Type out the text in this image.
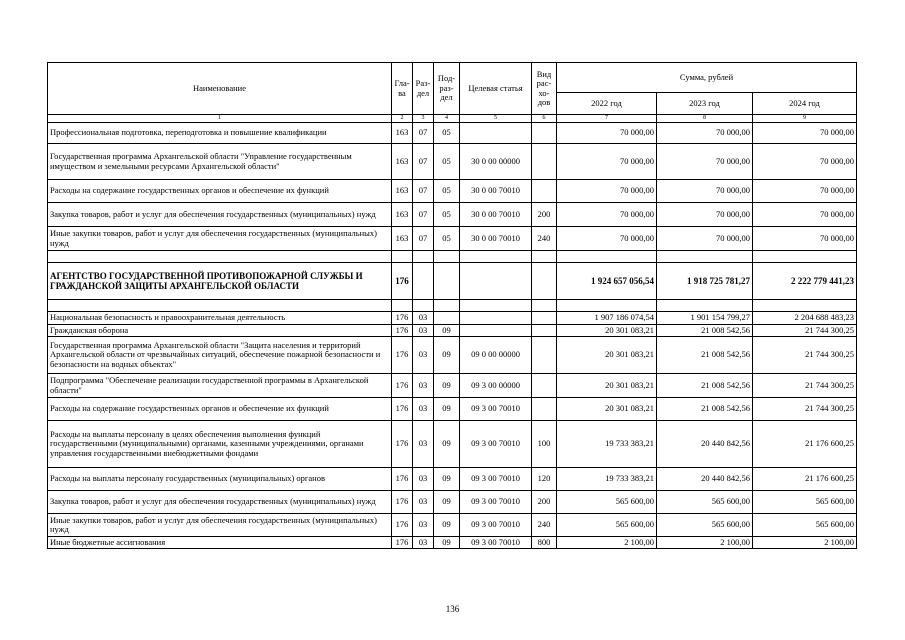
Наименование	Гла-ва	Раз-дел	Под-раз-дел	Целевая статья	Вид рас-хо-дов	Сумма, рублей		
						2022 год	2023 год	2024 год
1	2	3	4	5	6	7	8	9
Профессиональная подготовка, переподготовка и повышение квалификации	163	07	05			70 000,00	70 000,00	70 000,00
Государственная программа Архангельской области "Управление государственным имуществом и земельными ресурсами Архангельской области"	163	07	05	30 0 00 00000		70 000,00	70 000,00	70 000,00
Расходы на содержание государственных органов и обеспечение их функций	163	07	05	30 0 00 70010		70 000,00	70 000,00	70 000,00
Закупка товаров, работ и услуг для обеспечения государственных (муниципальных) нужд	163	07	05	30 0 00 70010	200	70 000,00	70 000,00	70 000,00
Иные закупки товаров, работ и услуг для обеспечения государственных (муниципальных) нужд	163	07	05	30 0 00 70010	240	70 000,00	70 000,00	70 000,00

АГЕНТСТВО ГОСУДАРСТВЕННОЙ ПРОТИВОПОЖАРНОЙ СЛУЖБЫ И ГРАЖДАНСКОЙ ЗАЩИТЫ АРХАНГЕЛЬСКОЙ ОБЛАСТИ	176					1 924 657 056,54	1 918 725 781,27	2 222 779 441,23

Национальная безопасность и правоохранительная деятельность	176	03				1 907 186 074,54	1 901 154 799,27	2 204 688 483,23
Гражданская оборона	176	03	09			20 301 083,21	21 008 542,56	21 744 300,25
Государственная программа Архангельской области "Защита населения и территорий Архангельской области от чрезвычайных ситуаций, обеспечение пожарной безопасности и безопасности на водных объектах"	176	03	09	09 0 00 00000		20 301 083,21	21 008 542,56	21 744 300,25
Подпрограмма "Обеспечение реализации государственной программы в Архангельской области"	176	03	09	09 3 00 00000		20 301 083,21	21 008 542,56	21 744 300,25
Расходы на содержание государственных органов и обеспечение их функций	176	03	09	09 3 00 70010		20 301 083,21	21 008 542,56	21 744 300,25
Расходы на выплаты персоналу в целях обеспечения выполнения функций государственными (муниципальными) органами, казенными учреждениями, органами управления государственными внебюджетными фондами	176	03	09	09 3 00 70010	100	19 733 383,21	20 440 842,56	21 176 600,25
Расходы на выплаты персоналу государственных (муниципальных) органов	176	03	09	09 3 00 70010	120	19 733 383,21	20 440 842,56	21 176 600,25
Закупка товаров, работ и услуг для обеспечения государственных (муниципальных) нужд	176	03	09	09 3 00 70010	200	565 600,00	565 600,00	565 600,00
Иные закупки товаров, работ и услуг для обеспечения государственных (муниципальных) нужд	176	03	09	09 3 00 70010	240	565 600,00	565 600,00	565 600,00
Иные бюджетные ассигнования	176	03	09	09 3 00 70010	800	2 100,00	2 100,00	2 100,00
136
